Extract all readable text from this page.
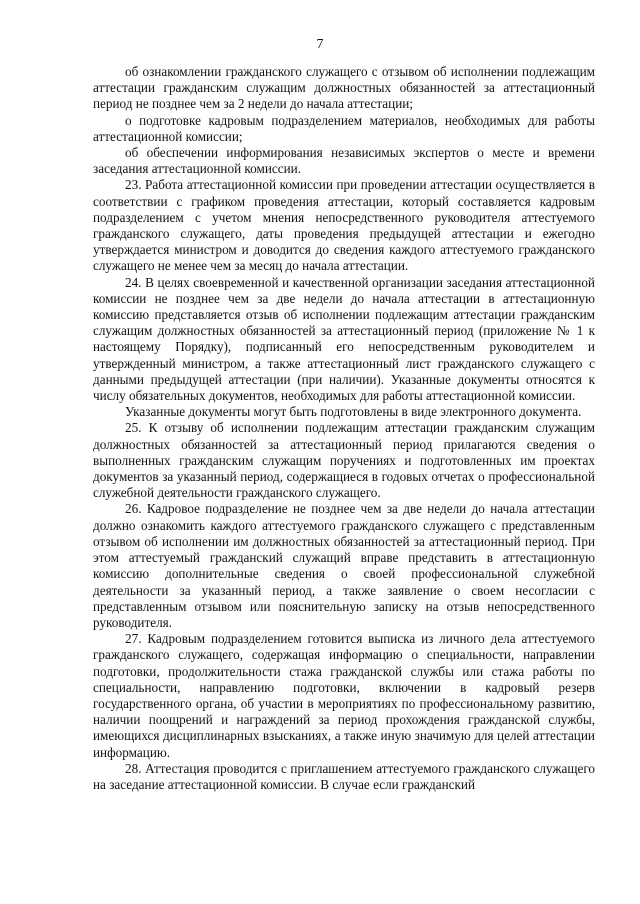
7

об ознакомлении гражданского служащего с отзывом об исполнении подлежащим аттестации гражданским служащим должностных обязанностей за аттестационный период не позднее чем за 2 недели до начала аттестации;

о подготовке кадровым подразделением материалов, необходимых для работы аттестационной комиссии;

об обеспечении информирования независимых экспертов о месте и времени заседания аттестационной комиссии.

23. Работа аттестационной комиссии при проведении аттестации осуществляется в соответствии с графиком проведения аттестации, который составляется кадровым подразделением с учетом мнения непосредственного руководителя аттестуемого гражданского служащего, даты проведения предыдущей аттестации и ежегодно утверждается министром и доводится до сведения каждого аттестуемого гражданского служащего не менее чем за месяц до начала аттестации.

24. В целях своевременной и качественной организации заседания аттестационной комиссии не позднее чем за две недели до начала аттестации в аттестационную комиссию представляется отзыв об исполнении подлежащим аттестации гражданским служащим должностных обязанностей за аттестационный период (приложение № 1 к настоящему Порядку), подписанный его непосредственным руководителем и утвержденный министром, а также аттестационный лист гражданского служащего с данными предыдущей аттестации (при наличии). Указанные документы относятся к числу обязательных документов, необходимых для работы аттестационной комиссии.

Указанные документы могут быть подготовлены в виде электронного документа.

25. К отзыву об исполнении подлежащим аттестации гражданским служащим должностных обязанностей за аттестационный период прилагаются сведения о выполненных гражданским служащим поручениях и подготовленных им проектах документов за указанный период, содержащиеся в годовых отчетах о профессиональной служебной деятельности гражданского служащего.

26. Кадровое подразделение не позднее чем за две недели до начала аттестации должно ознакомить каждого аттестуемого гражданского служащего с представленным отзывом об исполнении им должностных обязанностей за аттестационный период. При этом аттестуемый гражданский служащий вправе представить в аттестационную комиссию дополнительные сведения о своей профессиональной служебной деятельности за указанный период, а также заявление о своем несогласии с представленным отзывом или пояснительную записку на отзыв непосредственного руководителя.

27. Кадровым подразделением готовится выписка из личного дела аттестуемого гражданского служащего, содержащая информацию о специальности, направлении подготовки, продолжительности стажа гражданской службы или стажа работы по специальности, направлению подготовки, включении в кадровый резерв государственного органа, об участии в мероприятиях по профессиональному развитию, наличии поощрений и награждений за период прохождения гражданской службы, имеющихся дисциплинарных взысканиях, а также иную значимую для целей аттестации информацию.

28. Аттестация проводится с приглашением аттестуемого гражданского служащего на заседание аттестационной комиссии. В случае если гражданский
